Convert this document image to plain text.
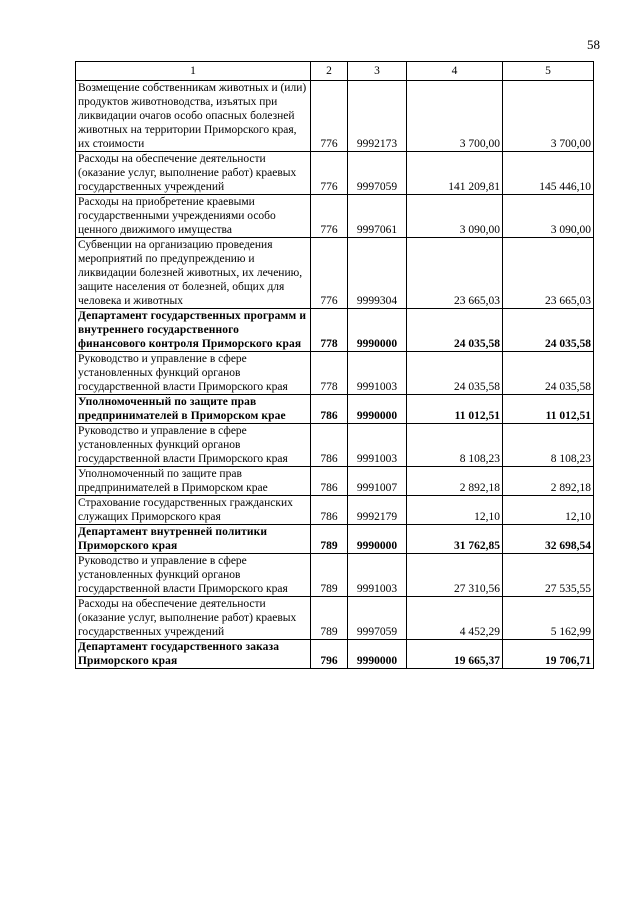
58
1	2	3	4	5
Возмещение собственникам животных и (или) продуктов животноводства, изъятых при ликвидации очагов особо опасных болезней животных на территории Приморского края, их стоимости	776	9992173	3 700,00	3 700,00
Расходы на обеспечение деятельности (оказание услуг, выполнение работ) краевых государственных учреждений	776	9997059	141 209,81	145 446,10
Расходы на приобретение краевыми государственными учреждениями особо ценного движимого имущества	776	9997061	3 090,00	3 090,00
Субвенции на организацию проведения мероприятий по предупреждению и ликвидации болезней животных, их лечению, защите населения от болезней, общих для человека и животных	776	9999304	23 665,03	23 665,03
Департамент государственных программ и внутреннего государственного финансового контроля Приморского края	778	9990000	24 035,58	24 035,58
Руководство и управление в сфере установленных функций органов государственной власти Приморского края	778	9991003	24 035,58	24 035,58
Уполномоченный по защите прав предпринимателей в Приморском крае	786	9990000	11 012,51	11 012,51
Руководство и управление в сфере установленных функций органов государственной власти Приморского края	786	9991003	8 108,23	8 108,23
Уполномоченный по защите прав предпринимателей в Приморском крае	786	9991007	2 892,18	2 892,18
Страхование государственных гражданских служащих Приморского края	786	9992179	12,10	12,10
Департамент внутренней политики Приморского края	789	9990000	31 762,85	32 698,54
Руководство и управление в сфере установленных функций органов государственной власти Приморского края	789	9991003	27 310,56	27 535,55
Расходы на обеспечение деятельности (оказание услуг, выполнение работ) краевых государственных учреждений	789	9997059	4 452,29	5 162,99
Департамент государственного заказа Приморского края	796	9990000	19 665,37	19 706,71
